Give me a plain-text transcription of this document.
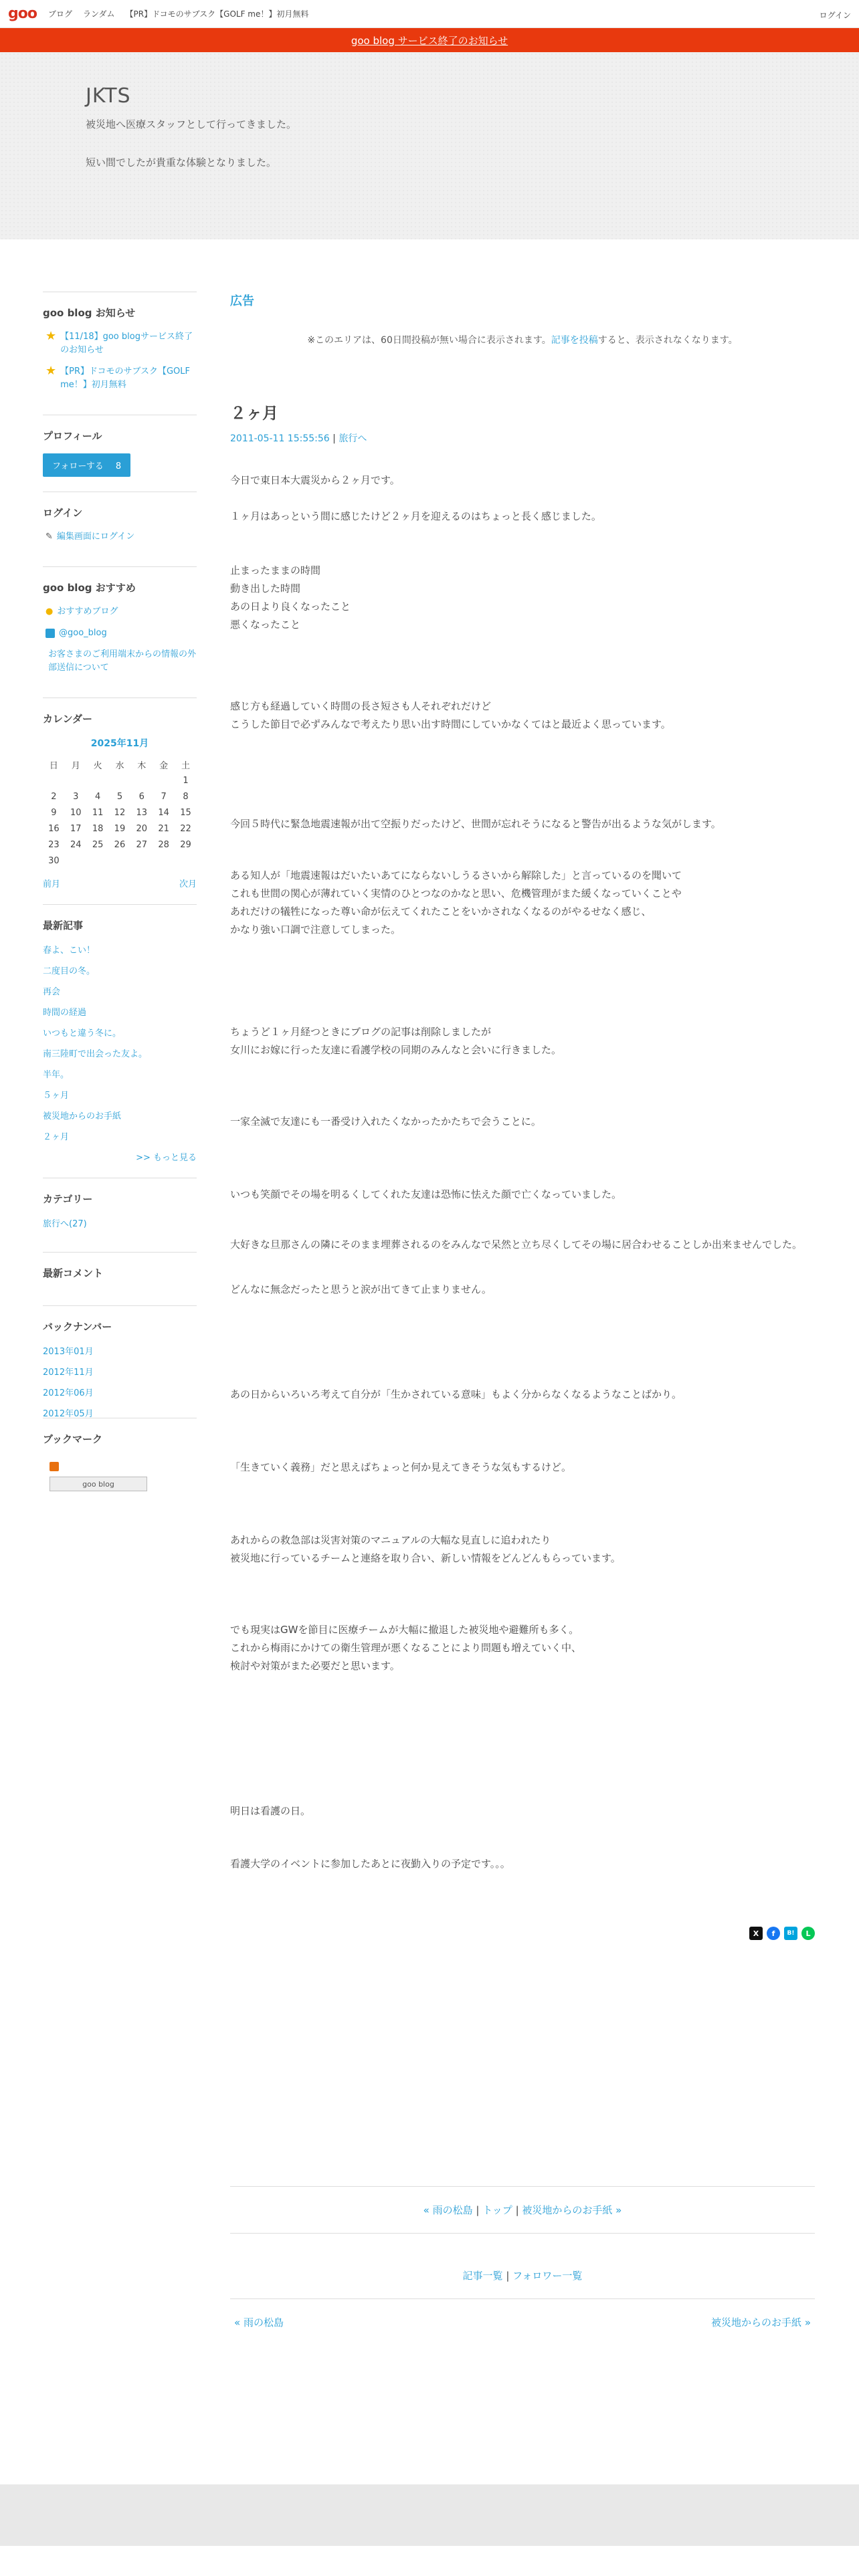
goo	ブログ ランダム 【PR】ドコモのサブスク【GOLF me！】初月無料	ログイン
goo blog サービス終了のお知らせ
JKTS
被災地へ医療スタッフとして行ってきました。
短い間でしたが貴重な体験となりました。
goo blog お知らせ
★ 【11/18】goo blogサービス終了のお知らせ
★ 【PR】ドコモのサブスク【GOLF me！】初月無料
プロフィール
フォローする 8
ログイン
✎ 編集画面にログイン
goo blog おすすめ
● おすすめブログ
@goo_blog
お客さまのご利用端末からの情報の外部送信について
カレンダー
2025年11月
日	月	火	水	木	金	土
						1
2	3	4	5	6	7	8
9	10	11	12	13	14	15
16	17	18	19	20	21	22
23	24	25	26	27	28	29
30						
前月	次月
最新記事
春よ、こい！
二度目の冬。
再会
時間の経過
いつもと違う冬に。
南三陸町で出会った友よ。
半年。
５ヶ月
被災地からのお手紙
２ヶ月
>> もっと見る
カテゴリー
旅行へ(27)
最新コメント
バックナンバー
2013年01月
2012年11月
2012年06月
2012年05月
ブックマーク
goo blog
広告
※このエリアは、60日間投稿が無い場合に表示されます。記事を投稿すると、表示されなくなります。
２ヶ月
2011-05-11 15:55:56 | 旅行へ

今日で東日本大震災から２ヶ月です。

１ヶ月はあっという間に感じたけど２ヶ月を迎えるのはちょっと長く感じました。

止まったままの時間

動き出した時間

あの日より良くなったこと

悪くなったこと

感じ方も経過していく時間の長さ短さも人それぞれだけど

こうした節目で必ずみんなで考えたり思い出す時間にしていかなくてはと最近よく思っています。

今回５時代に緊急地震速報が出て空振りだったけど、世間が忘れそうになると警告が出るような気がします。

ある知人が「地震速報はだいたいあてにならないしうるさいから解除した」と言っているのを聞いて

これも世間の関心が薄れていく実情のひとつなのかなと思い、危機管理がまた緩くなっていくことや

あれだけの犠牲になった尊い命が伝えてくれたことをいかされなくなるのがやるせなく感じ、

かなり強い口調で注意してしまった。

ちょうど１ヶ月経つときにブログの記事は削除しましたが

女川にお嫁に行った友達に看護学校の同期のみんなと会いに行きました。

一家全滅で友達にも一番受け入れたくなかったかたちで会うことに。

いつも笑顔でその場を明るくしてくれた友達は恐怖に怯えた顔で亡くなっていました。

大好きな旦那さんの隣にそのまま埋葬されるのをみんなで呆然と立ち尽くしてその場に居合わせることしか出来ませんでした。

どんなに無念だったと思うと涙が出てきて止まりません。

あの日からいろいろ考えて自分が「生かされている意味」もよく分からなくなるようなことばかり。

「生きていく義務」だと思えばちょっと何か見えてきそうな気もするけど。

あれからの救急部は災害対策のマニュアルの大幅な見直しに追われたり

被災地に行っているチームと連絡を取り合い、新しい情報をどんどんもらっています。

でも現実はGWを節目に医療チームが大幅に撤退した被災地や避難所も多く。

これから梅雨にかけての衛生管理が悪くなることにより問題も増えていく中、

検討や対策がまた必要だと思います。

明日は看護の日。

看護大学のイベントに参加したあとに夜勤入りの予定です。。。

X	f	B!	L
« 雨の松島 | トップ | 被災地からのお手紙 »
記事一覧 | フォロワー一覧
« 雨の松島	被災地からのお手紙 »
